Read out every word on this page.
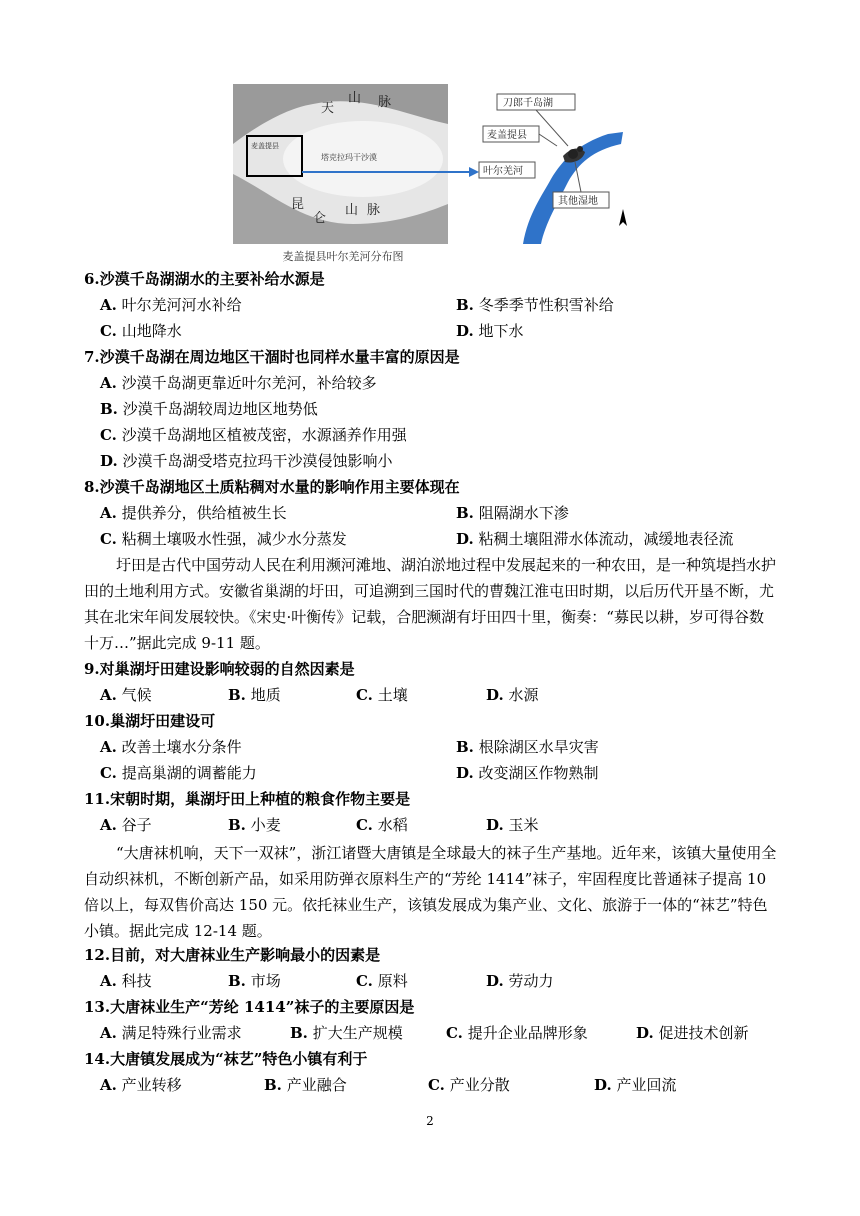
天
山 脉
昆
仑
山 脉
塔克拉玛干沙漠
麦盖提县
刀郎千岛湖
麦盖提县
叶尔羌河
其他湿地
麦盖提县叶尔羌河分布图
6.沙漠千岛湖湖水的主要补给水源是
A. 叶尔羌河河水补给	B. 冬季季节性积雪补给
C. 山地降水	D. 地下水
7.沙漠千岛湖在周边地区干涸时也同样水量丰富的原因是
A. 沙漠千岛湖更靠近叶尔羌河，补给较多
B. 沙漠千岛湖较周边地区地势低
C. 沙漠千岛湖地区植被茂密，水源涵养作用强
D. 沙漠千岛湖受塔克拉玛干沙漠侵蚀影响小
8.沙漠千岛湖地区土质粘稠对水量的影响作用主要体现在
A. 提供养分，供给植被生长	B. 阻隔湖水下渗
C. 粘稠土壤吸水性强，减少水分蒸发	D. 粘稠土壤阻滞水体流动，减缓地表径流
圩田是古代中国劳动人民在利用濒河滩地、湖泊淤地过程中发展起来的一种农田，是一种筑堤挡水护田的土地利用方式。安徽省巢湖的圩田，可追溯到三国时代的曹魏江淮屯田时期，以后历代开垦不断，尤其在北宋年间发展较快。《宋史·叶衡传》记载，合肥濒湖有圩田四十里，衡奏：“募民以耕，岁可得谷数十万…”据此完成 9-11 题。
9.对巢湖圩田建设影响较弱的自然因素是
A. 气候	B. 地质	C. 土壤	D. 水源
10.巢湖圩田建设可
A. 改善土壤水分条件	B. 根除湖区水旱灾害
C. 提高巢湖的调蓄能力	D. 改变湖区作物熟制
11.宋朝时期，巢湖圩田上种植的粮食作物主要是
A. 谷子	B. 小麦	C. 水稻	D. 玉米
“大唐袜机响，天下一双袜”，浙江诸暨大唐镇是全球最大的袜子生产基地。近年来，该镇大量使用全自动织袜机，不断创新产品，如采用防弹衣原料生产的“芳纶 1414”袜子，牢固程度比普通袜子提高 10 倍以上，每双售价高达 150 元。依托袜业生产，该镇发展成为集产业、文化、旅游于一体的“袜艺”特色小镇。据此完成 12-14 题。
12.目前，对大唐袜业生产影响最小的因素是
A. 科技	B. 市场	C. 原料	D. 劳动力
13.大唐袜业生产“芳纶 1414”袜子的主要原因是
A. 满足特殊行业需求	B. 扩大生产规模	C. 提升企业品牌形象	D. 促进技术创新
14.大唐镇发展成为“袜艺”特色小镇有利于
A. 产业转移	B. 产业融合	C. 产业分散	D. 产业回流
2
